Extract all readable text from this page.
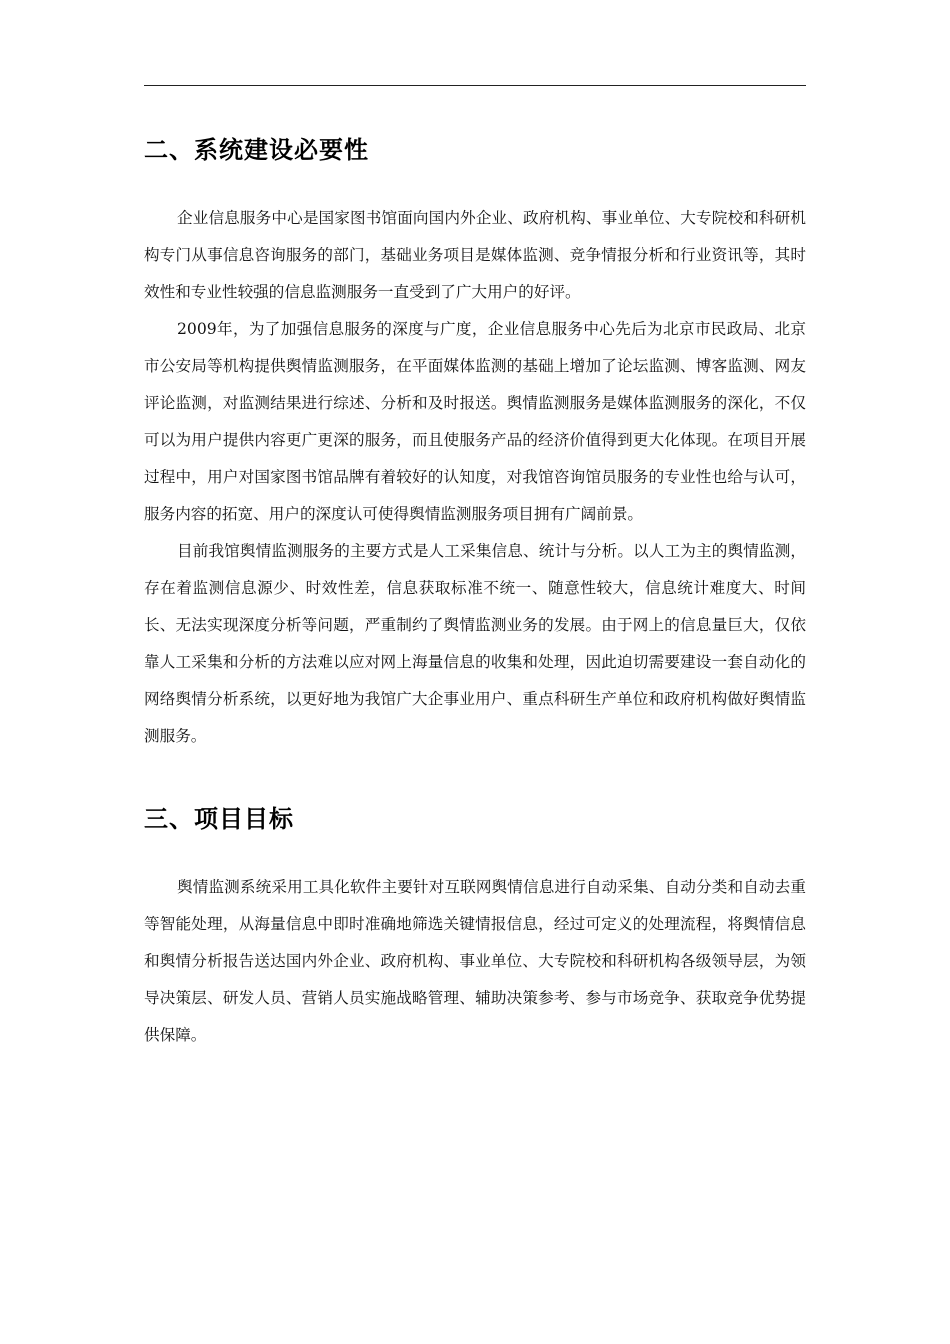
二、系统建设必要性

企业信息服务中心是国家图书馆面向国内外企业、政府机构、事业单位、大专院校和科研机构专门从事信息咨询服务的部门，基础业务项目是媒体监测、竞争情报分析和行业资讯等，其时效性和专业性较强的信息监测服务一直受到了广大用户的好评。

2009年，为了加强信息服务的深度与广度，企业信息服务中心先后为北京市民政局、北京市公安局等机构提供舆情监测服务，在平面媒体监测的基础上增加了论坛监测、博客监测、网友评论监测，对监测结果进行综述、分析和及时报送。舆情监测服务是媒体监测服务的深化，不仅可以为用户提供内容更广更深的服务，而且使服务产品的经济价值得到更大化体现。在项目开展过程中，用户对国家图书馆品牌有着较好的认知度，对我馆咨询馆员服务的专业性也给与认可，服务内容的拓宽、用户的深度认可使得舆情监测服务项目拥有广阔前景。

目前我馆舆情监测服务的主要方式是人工采集信息、统计与分析。以人工为主的舆情监测，存在着监测信息源少、时效性差，信息获取标准不统一、随意性较大，信息统计难度大、时间长、无法实现深度分析等问题，严重制约了舆情监测业务的发展。由于网上的信息量巨大，仅依靠人工采集和分析的方法难以应对网上海量信息的收集和处理，因此迫切需要建设一套自动化的网络舆情分析系统，以更好地为我馆广大企事业用户、重点科研生产单位和政府机构做好舆情监测服务。

三、项目目标

舆情监测系统采用工具化软件主要针对互联网舆情信息进行自动采集、自动分类和自动去重等智能处理，从海量信息中即时准确地筛选关键情报信息，经过可定义的处理流程，将舆情信息和舆情分析报告送达国内外企业、政府机构、事业单位、大专院校和科研机构各级领导层，为领导决策层、研发人员、营销人员实施战略管理、辅助决策参考、参与市场竞争、获取竞争优势提供保障。
